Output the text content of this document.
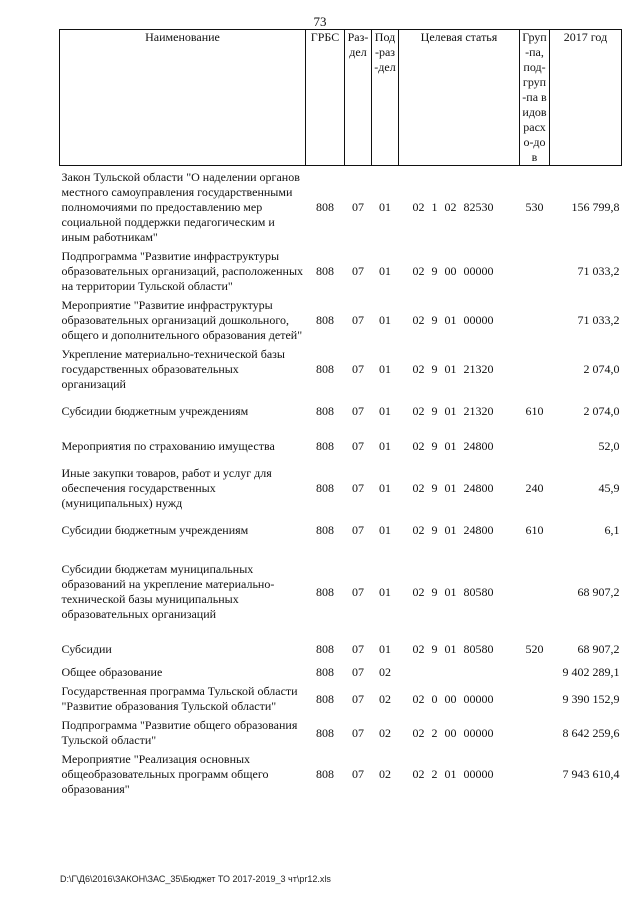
73
Наименование	ГРБС	Раз-дел	Под-раз-дел	Целевая статья	Груп-па, под-груп-па видов расхо-дов	2017 год
Закон Тульской области "О наделении органов местного самоуправления государственными полномочиями по предоставлению мер социальной поддержки педагогическим и иным работникам"	808	07	01	02 1 02 82530	530	156 799,8
Подпрограмма "Развитие инфраструктуры образовательных организаций, расположенных на территории Тульской области"	808	07	01	02 9 00 00000		71 033,2
Мероприятие "Развитие инфраструктуры образовательных организаций дошкольного, общего и дополнительного образования детей"	808	07	01	02 9 01 00000		71 033,2
Укрепление материально-технической базы государственных образовательных организаций	808	07	01	02 9 01 21320		2 074,0
Субсидии бюджетным учреждениям	808	07	01	02 9 01 21320	610	2 074,0
Мероприятия по страхованию имущества	808	07	01	02 9 01 24800		52,0
Иные закупки товаров, работ и услуг для обеспечения государственных (муниципальных) нужд	808	07	01	02 9 01 24800	240	45,9
Субсидии бюджетным учреждениям	808	07	01	02 9 01 24800	610	6,1
Субсидии бюджетам муниципальных образований на укрепление материально-технической базы муниципальных образовательных организаций	808	07	01	02 9 01 80580		68 907,2
Субсидии	808	07	01	02 9 01 80580	520	68 907,2
Общее образование	808	07	02			9 402 289,1
Государственная программа Тульской области "Развитие образования Тульской области"	808	07	02	02 0 00 00000		9 390 152,9
Подпрограмма "Развитие общего образования Тульской области"	808	07	02	02 2 00 00000		8 642 259,6
Мероприятие "Реализация основных общеобразовательных программ общего образования"	808	07	02	02 2 01 00000		7 943 610,4
D:\Г\Д6\2016\ЗАКОН\ЗАС_35\Бюджет ТО 2017-2019_3 чт\pr12.xls
